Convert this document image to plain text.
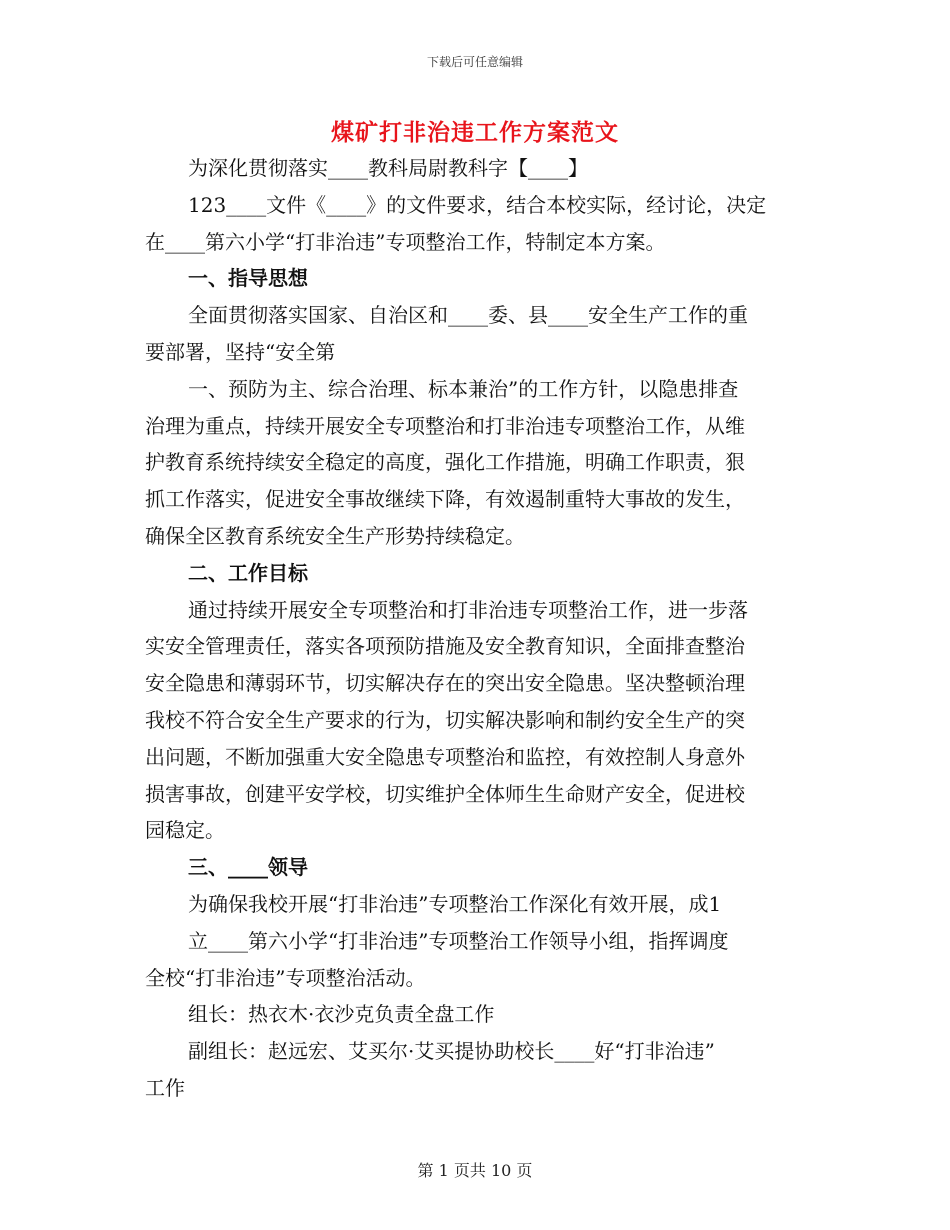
下载后可任意编辑
煤矿打非治违工作方案范文

为深化贯彻落实____教科局尉教科字【____】

123____文件《____》的文件要求，结合本校实际，经讨论，决定

在____第六小学“打非治违”专项整治工作，特制定本方案。

一、指导思想

全面贯彻落实国家、自治区和____委、县____安全生产工作的重

要部署，坚持“安全第

一、预防为主、综合治理、标本兼治”的工作方针，以隐患排查

治理为重点，持续开展安全专项整治和打非治违专项整治工作，从维

护教育系统持续安全稳定的高度，强化工作措施，明确工作职责，狠

抓工作落实，促进安全事故继续下降，有效遏制重特大事故的发生，

确保全区教育系统安全生产形势持续稳定。

二、工作目标

通过持续开展安全专项整治和打非治违专项整治工作，进一步落

实安全管理责任，落实各项预防措施及安全教育知识，全面排查整治

安全隐患和薄弱环节，切实解决存在的突出安全隐患。坚决整顿治理

我校不符合安全生产要求的行为，切实解决影响和制约安全生产的突

出问题，不断加强重大安全隐患专项整治和监控，有效控制人身意外

损害事故，创建平安学校，切实维护全体师生生命财产安全，促进校

园稳定。

三、____领导

为确保我校开展“打非治违”专项整治工作深化有效开展，成1

立____第六小学“打非治违”专项整治工作领导小组，指挥调度

全校“打非治违”专项整治活动。

组长：热衣木·衣沙克负责全盘工作

副组长：赵远宏、艾买尔·艾买提协助校长____好“打非治违”

工作

第 1 页共 10 页
